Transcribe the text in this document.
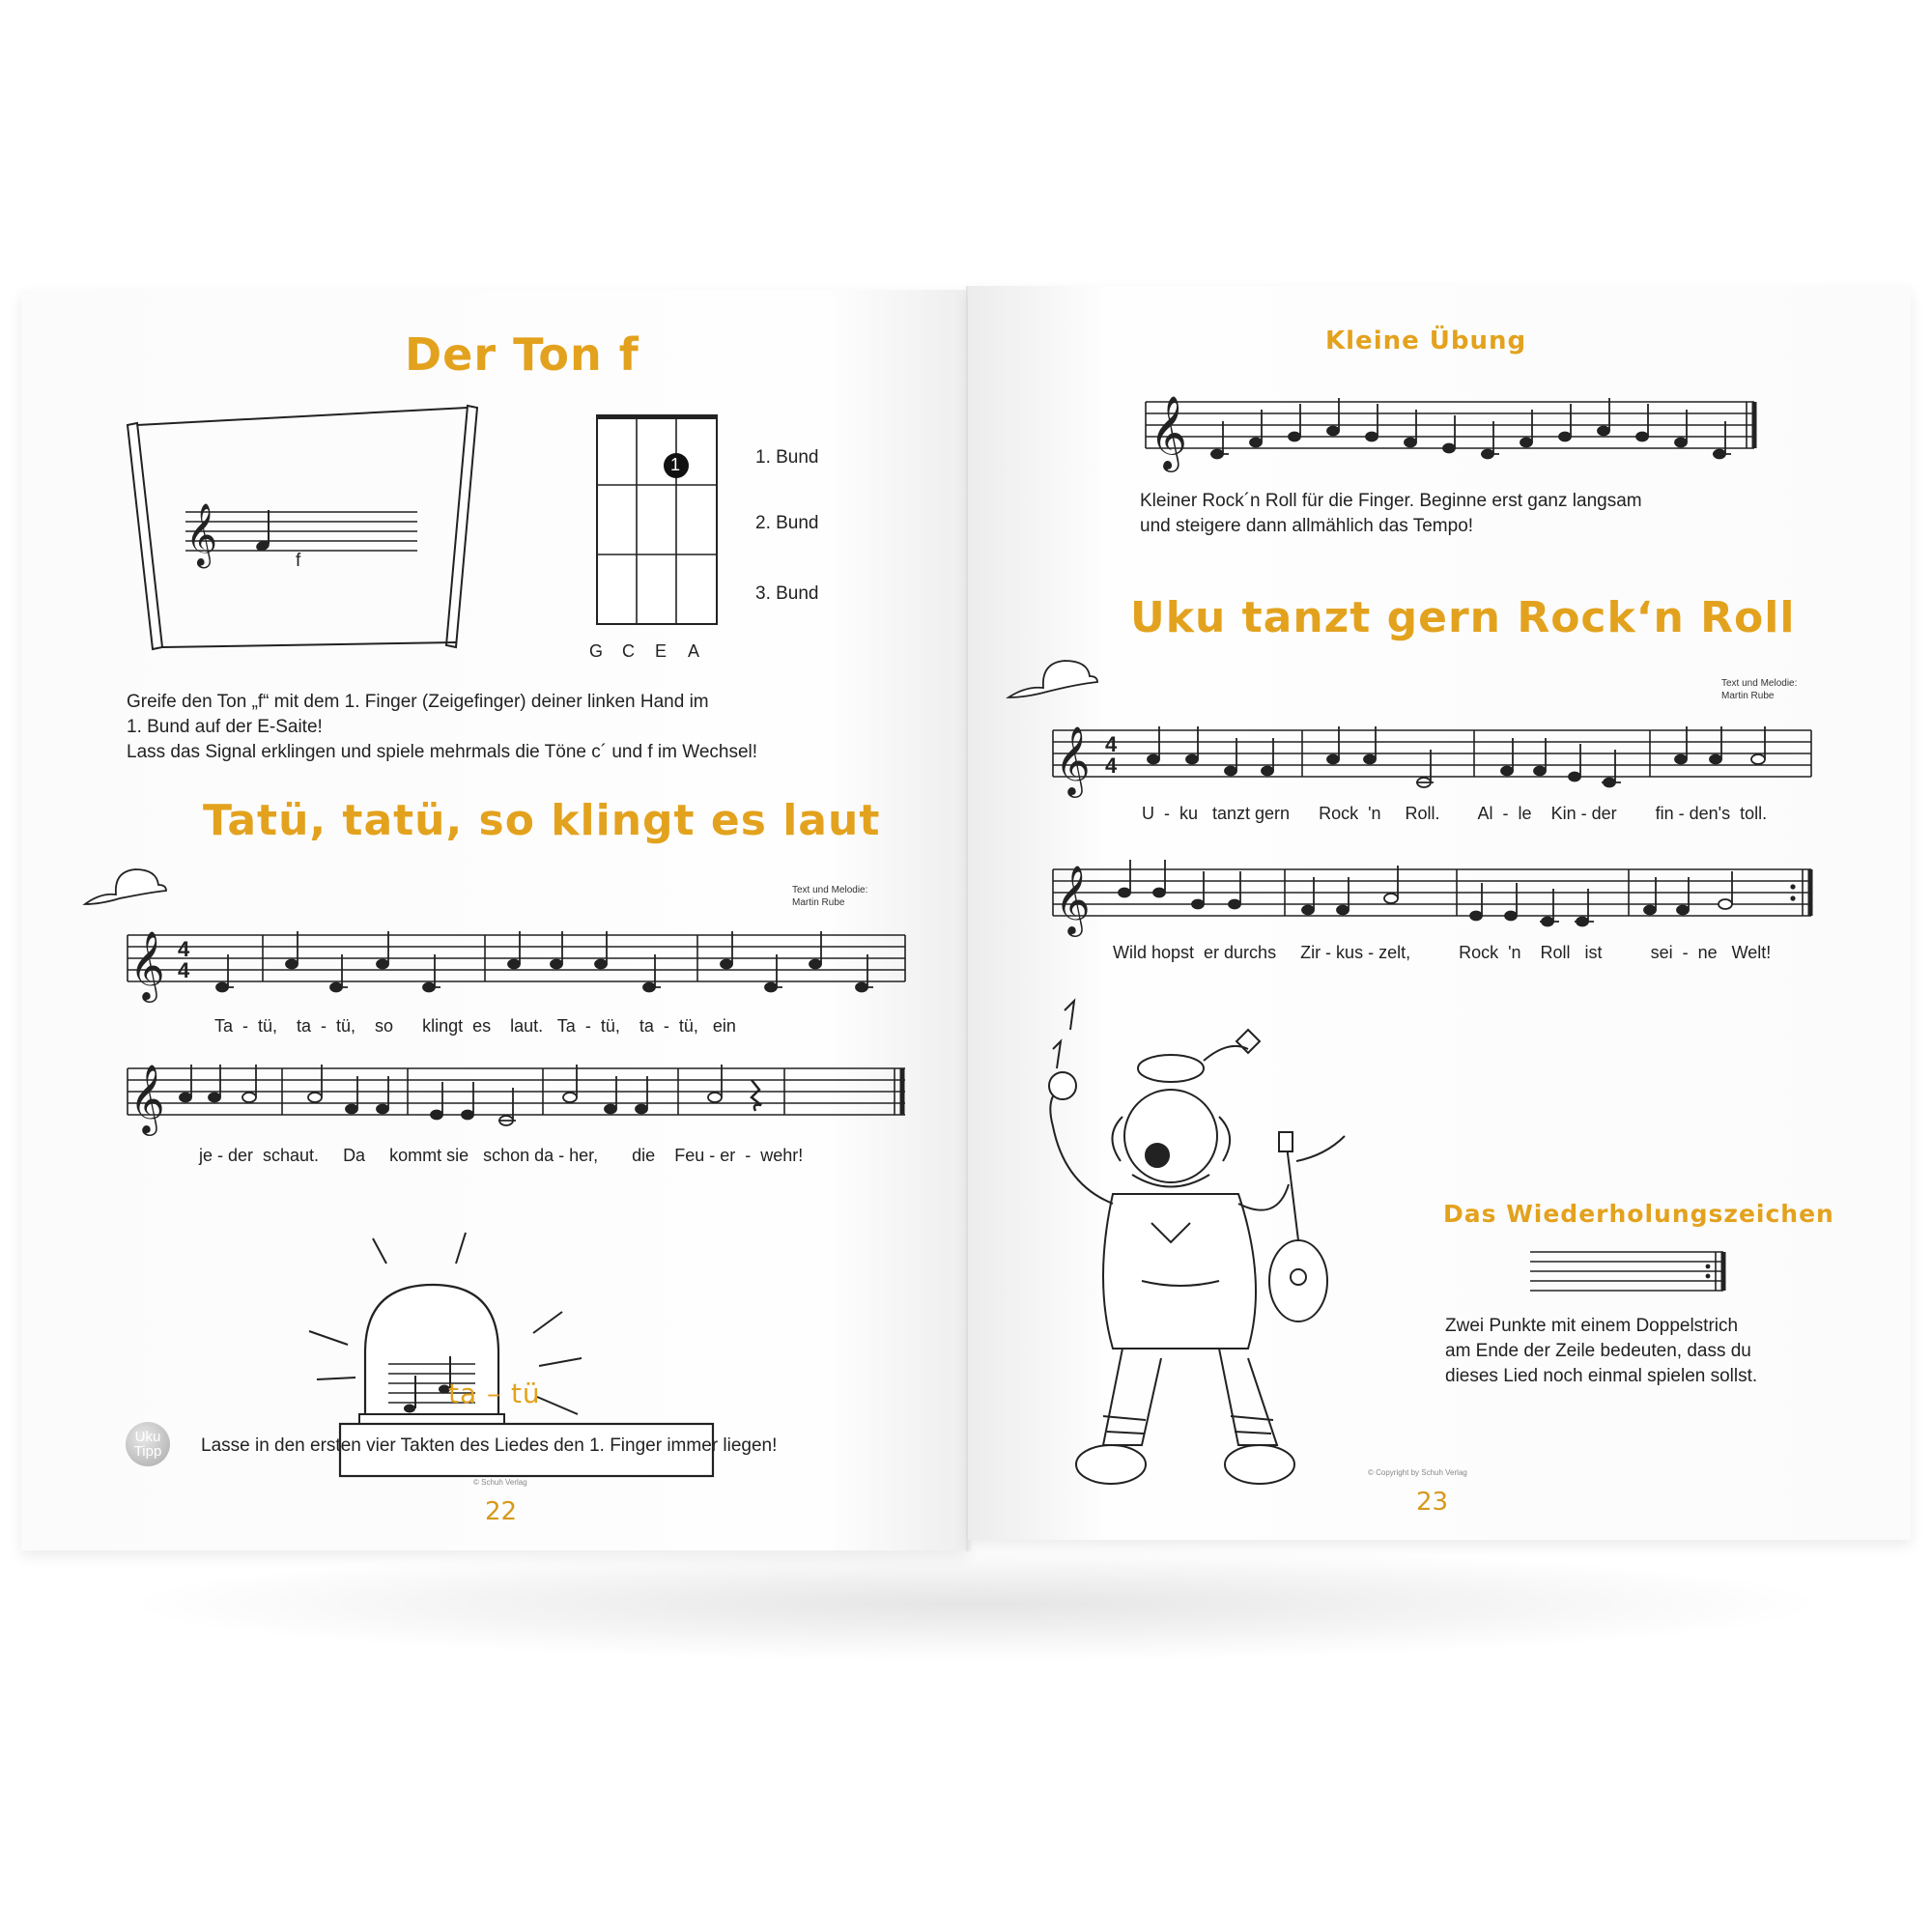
Der Ton f
𝄞	f
1	1. Bund
2. Bund
3. Bund
G C E A
Greife den Ton „f“ mit dem 1. Finger (Zeigefinger) deiner linken Hand im
1. Bund auf der E-Saite!
Lass das Signal erklingen und spiele mehrmals die Töne c´ und f im Wechsel!
Tatü, tatü, so klingt es laut
Text und Melodie:
Martin Rube
𝄞 4
4
Ta  -  tü,    ta  -  tü,    so      klingt  es    laut.   Ta  -  tü,    ta  -  tü,   ein
𝄞
je - der  schaut.     Da     kommt sie   schon da - her,       die    Feu - er  -  wehr!
ta – tü
Uku
Tipp	Lasse in den ersten vier Takten des Liedes den 1. Finger immer liegen!
© Schuh Verlag
22
Kleine Übung
𝄞
Kleiner Rock´n Roll für die Finger. Beginne erst ganz langsam
und steigere dann allmählich das Tempo!
Uku tanzt gern Rock‘n Roll
Text und Melodie:
Martin Rube
𝄞 4
4
U  -  ku   tanzt gern      Rock  'n     Roll.        Al  -  le    Kin - der        fin - den's  toll.
𝄞
Wild hopst  er durchs     Zir - kus - zelt,          Rock  'n    Roll   ist          sei  -  ne   Welt!
Das Wiederholungszeichen
Zwei Punkte mit einem Doppelstrich
am Ende der Zeile bedeuten, dass du
dieses Lied noch einmal spielen sollst.
© Copyright by Schuh Verlag
23
